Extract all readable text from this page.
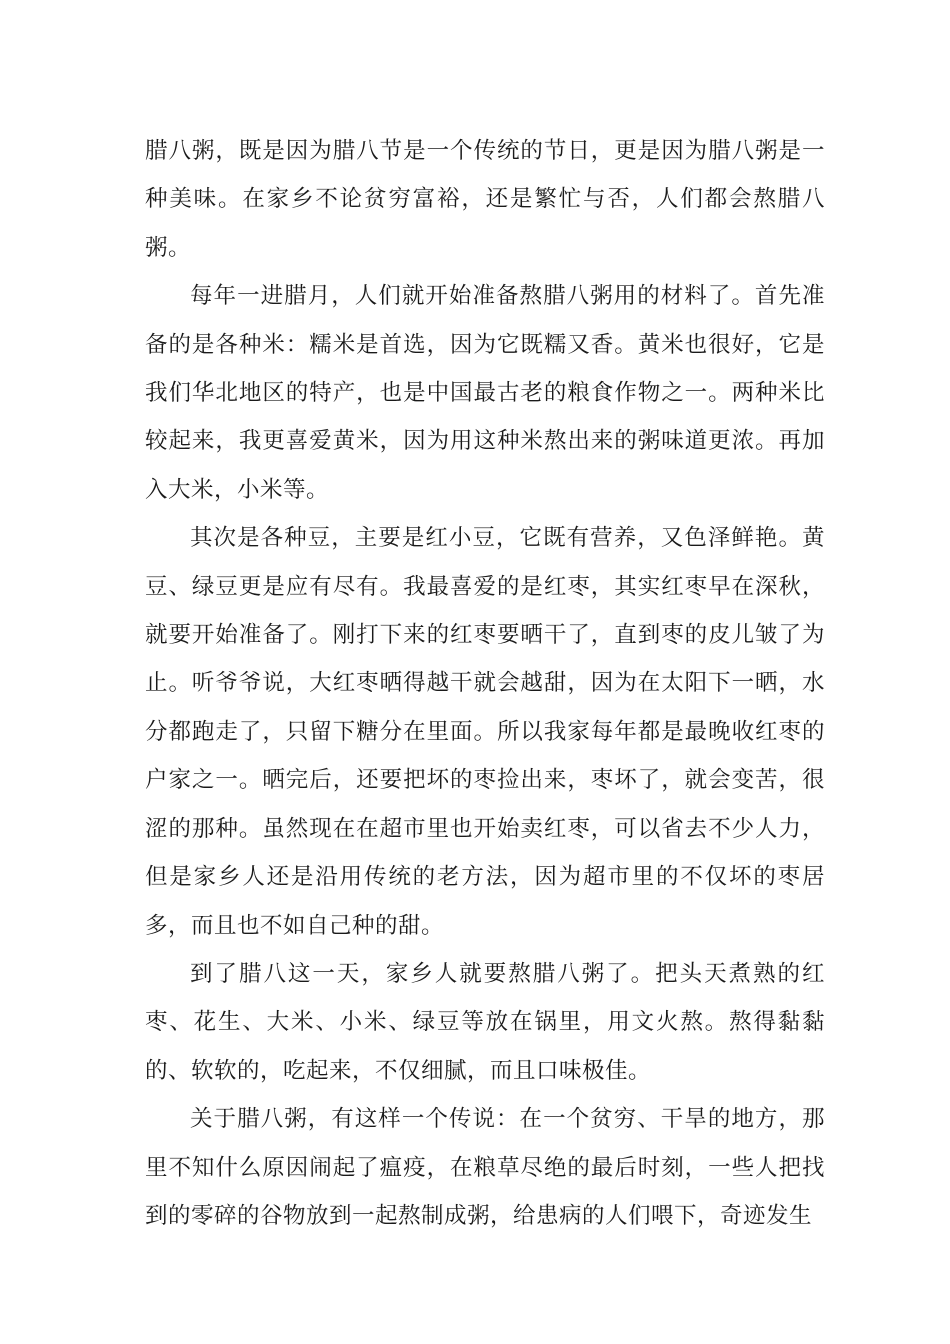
腊八粥，既是因为腊八节是一个传统的节日，更是因为腊八粥是一种美味。在家乡不论贫穷富裕，还是繁忙与否，人们都会熬腊八粥。

每年一进腊月，人们就开始准备熬腊八粥用的材料了。首先准备的是各种米：糯米是首选，因为它既糯又香。黄米也很好，它是我们华北地区的特产，也是中国最古老的粮食作物之一。两种米比较起来，我更喜爱黄米，因为用这种米熬出来的粥味道更浓。再加入大米，小米等。

其次是各种豆，主要是红小豆，它既有营养，又色泽鲜艳。黄豆、绿豆更是应有尽有。我最喜爱的是红枣，其实红枣早在深秋，就要开始准备了。刚打下来的红枣要晒干了，直到枣的皮儿皱了为止。听爷爷说，大红枣晒得越干就会越甜，因为在太阳下一晒，水分都跑走了，只留下糖分在里面。所以我家每年都是最晚收红枣的户家之一。晒完后，还要把坏的枣捡出来，枣坏了，就会变苦，很涩的那种。虽然现在在超市里也开始卖红枣，可以省去不少人力，但是家乡人还是沿用传统的老方法，因为超市里的不仅坏的枣居多，而且也不如自己种的甜。

到了腊八这一天，家乡人就要熬腊八粥了。把头天煮熟的红枣、花生、大米、小米、绿豆等放在锅里，用文火熬。熬得黏黏的、软软的，吃起来，不仅细腻，而且口味极佳。

关于腊八粥，有这样一个传说：在一个贫穷、干旱的地方，那里不知什么原因闹起了瘟疫，在粮草尽绝的最后时刻，一些人把找到的零碎的谷物放到一起熬制成粥，给患病的人们喂下，奇迹发生
